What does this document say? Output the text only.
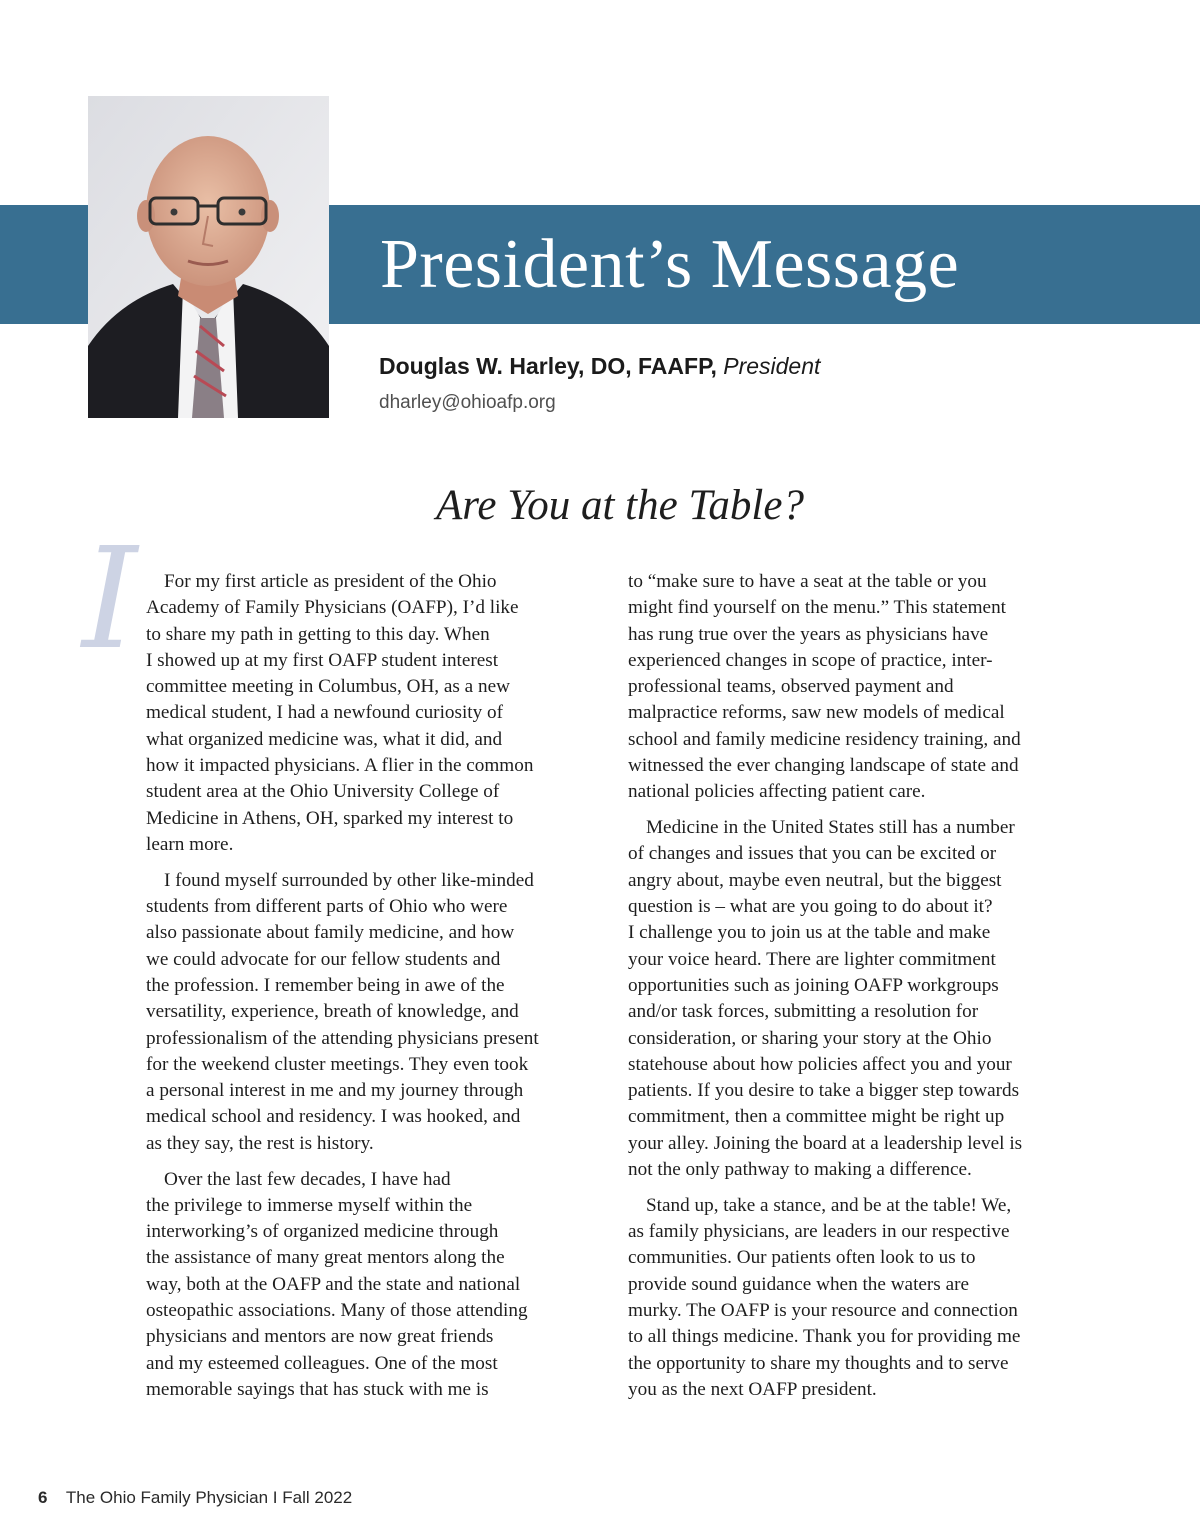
President’s Message
Douglas W. Harley, DO, FAAFP, President
dharley@ohioafp.org
Are You at the Table?
I	For my first article as president of the Ohio
Academy of Family Physicians (OAFP), I’d like
to share my path in getting to this day. When
I showed up at my first OAFP student interest
committee meeting in Columbus, OH, as a new
medical student, I had a newfound curiosity of
what organized medicine was, what it did, and
how it impacted physicians. A flier in the common
student area at the Ohio University College of
Medicine in Athens, OH, sparked my interest to
learn more.

I found myself surrounded by other like-minded
students from different parts of Ohio who were
also passionate about family medicine, and how
we could advocate for our fellow students and
the profession. I remember being in awe of the
versatility, experience, breath of knowledge, and
professionalism of the attending physicians present
for the weekend cluster meetings. They even took
a personal interest in me and my journey through
medical school and residency. I was hooked, and
as they say, the rest is history.

Over the last few decades, I have had
the privilege to immerse myself within the
interworking’s of organized medicine through
the assistance of many great mentors along the
way, both at the OAFP and the state and national
osteopathic associations. Many of those attending
physicians and mentors are now great friends
and my esteemed colleagues. One of the most
memorable sayings that has stuck with me is

to “make sure to have a seat at the table or you
might find yourself on the menu.” This statement
has rung true over the years as physicians have
experienced changes in scope of practice, inter-
professional teams, observed payment and
malpractice reforms, saw new models of medical
school and family medicine residency training, and
witnessed the ever changing landscape of state and
national policies affecting patient care.

Medicine in the United States still has a number
of changes and issues that you can be excited or
angry about, maybe even neutral, but the biggest
question is – what are you going to do about it?
I challenge you to join us at the table and make
your voice heard. There are lighter commitment
opportunities such as joining OAFP workgroups
and/or task forces, submitting a resolution for
consideration, or sharing your story at the Ohio
statehouse about how policies affect you and your
patients. If you desire to take a bigger step towards
commitment, then a committee might be right up
your alley. Joining the board at a leadership level is
not the only pathway to making a difference.

Stand up, take a stance, and be at the table! We,
as family physicians, are leaders in our respective
communities. Our patients often look to us to
provide sound guidance when the waters are
murky. The OAFP is your resource and connection
to all things medicine. Thank you for providing me
the opportunity to share my thoughts and to serve
you as the next OAFP president.

6 The Ohio Family Physician I Fall 2022
